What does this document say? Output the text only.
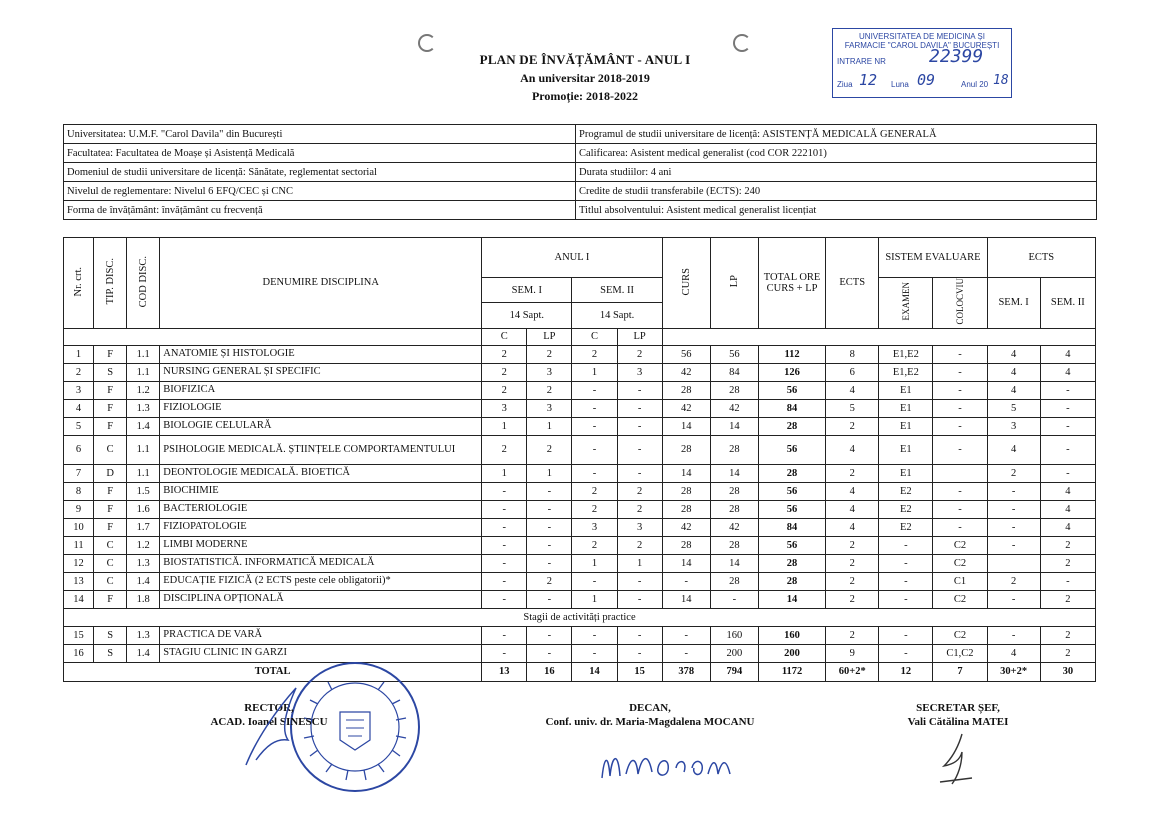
PLAN DE ÎNVĂȚĂMÂNT - ANUL I
An universitar 2018-2019
Promoție: 2018-2022
UNIVERSITATEA DE MEDICINA ȘI
FARMACIE "CAROL DAVILA" BUCUREȘTI
INTRARE NR 22399
Ziua 12 Luna 09	Anul 20 18
Universitatea: U.M.F. "Carol Davila" din București	Programul de studii universitare de licență: ASISTENȚĂ MEDICALĂ GENERALĂ
Facultatea: Facultatea de Moașe și Asistență Medicală	Calificarea: Asistent medical generalist (cod COR 222101)
Domeniul de studii universitare de licență: Sănătate, reglementat sectorial	Durata studiilor: 4 ani
Nivelul de reglementare: Nivelul 6 EFQ/CEC și CNC	Credite de studii transferabile (ECTS): 240
Forma de învățământ: învățământ cu frecvență	Titlul absolventului: Asistent medical generalist licențiat
Nr. crt.	TIP. DISC.	COD DISC.	DENUMIRE DISCIPLINA	ANUL I				CURS	LP	TOTAL ORE CURS + LP	ECTS	SISTEM EVALUARE		ECTS	
				SEM. I		SEM. II						EXAMEN	COLOCVIU	SEM. I	SEM. II
				14 Sapt.		14 Sapt.									
				C	LP	C	LP								
1	F	1.1	ANATOMIE ȘI HISTOLOGIE	2	2	2	2	56	56	112	8	E1,E2	-	4	4
2	S	1.1	NURSING GENERAL ȘI SPECIFIC	2	3	1	3	42	84	126	6	E1,E2	-	4	4
3	F	1.2	BIOFIZICA	2	2	-	-	28	28	56	4	E1	-	4	-
4	F	1.3	FIZIOLOGIE	3	3	-	-	42	42	84	5	E1	-	5	-
5	F	1.4	BIOLOGIE CELULARĂ	1	1	-	-	14	14	28	2	E1	-	3	-
6	C	1.1	PSIHOLOGIE MEDICALĂ. ȘTIINȚELE COMPORTAMENTULUI	2	2	-	-	28	28	56	4	E1	-	4	-
7	D	1.1	DEONTOLOGIE MEDICALĂ. BIOETICĂ	1	1	-	-	14	14	28	2	E1		2	-
8	F	1.5	BIOCHIMIE	-	-	2	2	28	28	56	4	E2	-	-	4
9	F	1.6	BACTERIOLOGIE	-	-	2	2	28	28	56	4	E2	-	-	4
10	F	1.7	FIZIOPATOLOGIE	-	-	3	3	42	42	84	4	E2	-	-	4
11	C	1.2	LIMBI MODERNE	-	-	2	2	28	28	56	2	-	C2	-	2
12	C	1.3	BIOSTATISTICĂ. INFORMATICĂ MEDICALĂ	-	-	1	1	14	14	28	2	-	C2		2
13	C	1.4	EDUCAȚIE FIZICĂ (2 ECTS peste cele obligatorii)*	-	2	-	-	-	28	28	2	-	C1	2	-
14	F	1.8	DISCIPLINA OPȚIONALĂ	-	-	1	-	14	-	14	2	-	C2	-	2
Stagii de activități practice															
15	S	1.3	PRACTICA DE VARĂ	-	-	-	-	-	160	160	2	-	C2	-	2
16	S	1.4	STAGIU CLINIC IN GARZI	-	-	-	-	-	200	200	9	-	C1,C2	4	2
TOTAL				13	16	14	15	378	794	1172	60+2*	12	7	30+2*	30
RECTOR,
ACAD. Ioanel SINESCU
DECAN,
Conf. univ. dr. Maria-Magdalena MOCANU
SECRETAR ȘEF,
Vali Cătălina MATEI
